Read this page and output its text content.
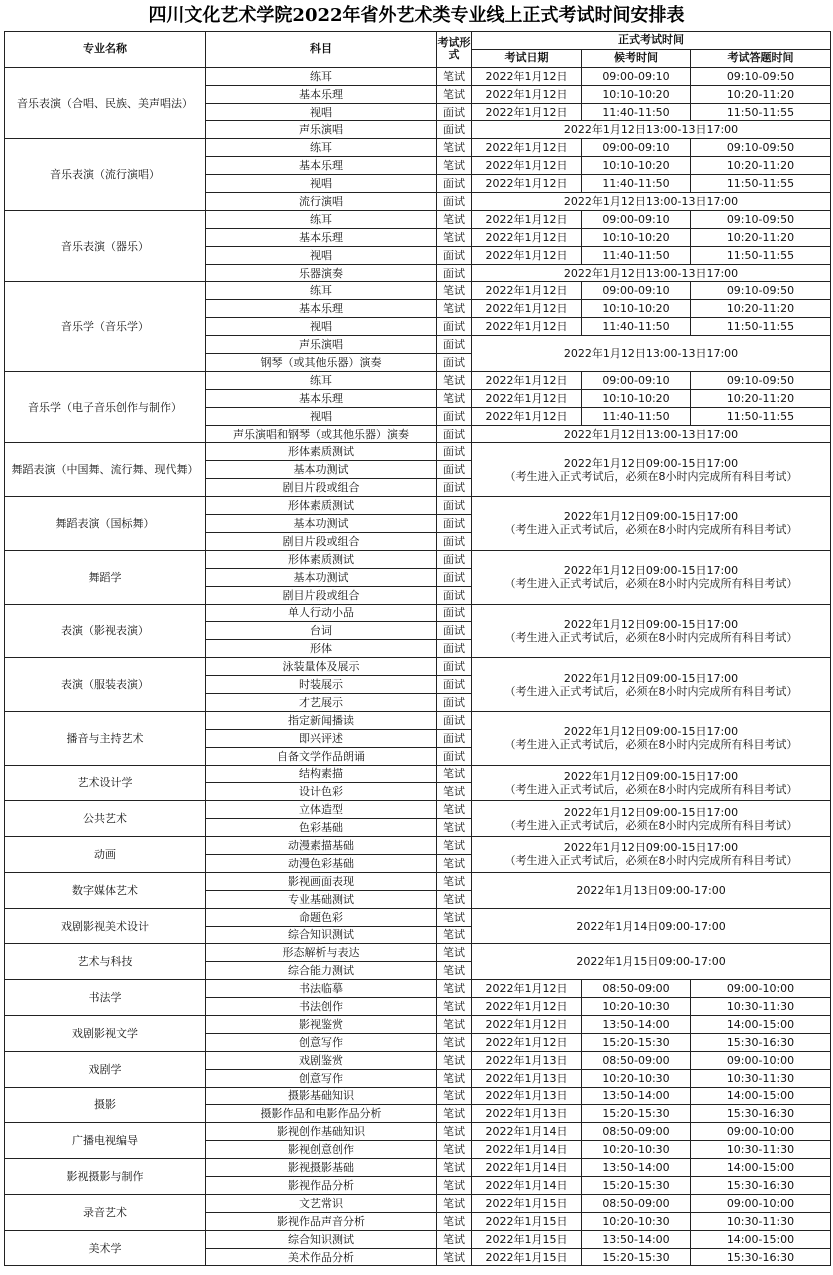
四川文化艺术学院2022年省外艺术类专业线上正式考试时间安排表
专业名称	科目	考试形式	正式考试时间		
			考试日期	候考时间	考试答题时间
音乐表演（合唱、民族、美声唱法）	练耳	笔试	2022年1月12日	09:00-09:10	09:10-09:50
	基本乐理	笔试	2022年1月12日	10:10-10:20	10:20-11:20
	视唱	面试	2022年1月12日	11:40-11:50	11:50-11:55
	声乐演唱	面试	2022年1月12日13:00-13日17:00		

音乐表演（流行演唱）	练耳	笔试	2022年1月12日	09:00-09:10	09:10-09:50
	基本乐理	笔试	2022年1月12日	10:10-10:20	10:20-11:20
	视唱	面试	2022年1月12日	11:40-11:50	11:50-11:55
	流行演唱	面试	2022年1月12日13:00-13日17:00		

音乐表演（器乐）	练耳	笔试	2022年1月12日	09:00-09:10	09:10-09:50
	基本乐理	笔试	2022年1月12日	10:10-10:20	10:20-11:20
	视唱	面试	2022年1月12日	11:40-11:50	11:50-11:55
	乐器演奏	面试	2022年1月12日13:00-13日17:00		

音乐学（音乐学）	练耳	笔试	2022年1月12日	09:00-09:10	09:10-09:50
	基本乐理	笔试	2022年1月12日	10:10-10:20	10:20-11:20
	视唱	面试	2022年1月12日	11:40-11:50	11:50-11:55
	声乐演唱	面试	2022年1月12日13:00-13日17:00		

	钢琴（或其他乐器）演奏	面试			
音乐学（电子音乐创作与制作）	练耳	笔试	2022年1月12日	09:00-09:10	09:10-09:50
	基本乐理	笔试	2022年1月12日	10:10-10:20	10:20-11:20
	视唱	面试	2022年1月12日	11:40-11:50	11:50-11:55
	声乐演唱和钢琴（或其他乐器）演奏	面试	2022年1月12日13:00-13日17:00		

舞蹈表演（中国舞、流行舞、现代舞）	形体素质测试	面试	2022年1月12日09:00-15日17:00
（考生进入正式考试后，必须在8小时内完成所有科目考试）		

	基本功测试	面试			
	剧目片段或组合	面试			
舞蹈表演（国标舞）	形体素质测试	面试	2022年1月12日09:00-15日17:00
（考生进入正式考试后，必须在8小时内完成所有科目考试）		

	基本功测试	面试			
	剧目片段或组合	面试			
舞蹈学	形体素质测试	面试	2022年1月12日09:00-15日17:00
（考生进入正式考试后，必须在8小时内完成所有科目考试）		

	基本功测试	面试			
	剧目片段或组合	面试			
表演（影视表演）	单人行动小品	面试	2022年1月12日09:00-15日17:00
（考生进入正式考试后，必须在8小时内完成所有科目考试）		

	台词	面试			
	形体	面试			
表演（服装表演）	泳装量体及展示	面试	2022年1月12日09:00-15日17:00
（考生进入正式考试后，必须在8小时内完成所有科目考试）		

	时装展示	面试			
	才艺展示	面试			
播音与主持艺术	指定新闻播读	面试	2022年1月12日09:00-15日17:00
（考生进入正式考试后，必须在8小时内完成所有科目考试）		

	即兴评述	面试			
	自备文学作品朗诵	面试			
艺术设计学	结构素描	笔试	2022年1月12日09:00-15日17:00
（考生进入正式考试后，必须在8小时内完成所有科目考试）		

	设计色彩	笔试			
公共艺术	立体造型	笔试	2022年1月12日09:00-15日17:00
（考生进入正式考试后，必须在8小时内完成所有科目考试）		

	色彩基础	笔试			
动画	动漫素描基础	笔试	2022年1月12日09:00-15日17:00
（考生进入正式考试后，必须在8小时内完成所有科目考试）		

	动漫色彩基础	笔试			
数字媒体艺术	影视画面表现	笔试	2022年1月13日09:00-17:00		

	专业基础测试	笔试			
戏剧影视美术设计	命题色彩	笔试	2022年1月14日09:00-17:00		

	综合知识测试	笔试			
艺术与科技	形态解析与表达	笔试	2022年1月15日09:00-17:00		

	综合能力测试	笔试			
书法学	书法临摹	笔试	2022年1月12日	08:50-09:00	09:00-10:00
	书法创作	笔试	2022年1月12日	10:20-10:30	10:30-11:30
戏剧影视文学	影视鉴赏	笔试	2022年1月12日	13:50-14:00	14:00-15:00
	创意写作	笔试	2022年1月12日	15:20-15:30	15:30-16:30
戏剧学	戏剧鉴赏	笔试	2022年1月13日	08:50-09:00	09:00-10:00
	创意写作	笔试	2022年1月13日	10:20-10:30	10:30-11:30
摄影	摄影基础知识	笔试	2022年1月13日	13:50-14:00	14:00-15:00
	摄影作品和电影作品分析	笔试	2022年1月13日	15:20-15:30	15:30-16:30
广播电视编导	影视创作基础知识	笔试	2022年1月14日	08:50-09:00	09:00-10:00
	影视创意创作	笔试	2022年1月14日	10:20-10:30	10:30-11:30
影视摄影与制作	影视摄影基础	笔试	2022年1月14日	13:50-14:00	14:00-15:00
	影视作品分析	笔试	2022年1月14日	15:20-15:30	15:30-16:30
录音艺术	文艺常识	笔试	2022年1月15日	08:50-09:00	09:00-10:00
	影视作品声音分析	笔试	2022年1月15日	10:20-10:30	10:30-11:30
美术学	综合知识测试	笔试	2022年1月15日	13:50-14:00	14:00-15:00
	美术作品分析	笔试	2022年1月15日	15:20-15:30	15:30-16:30
